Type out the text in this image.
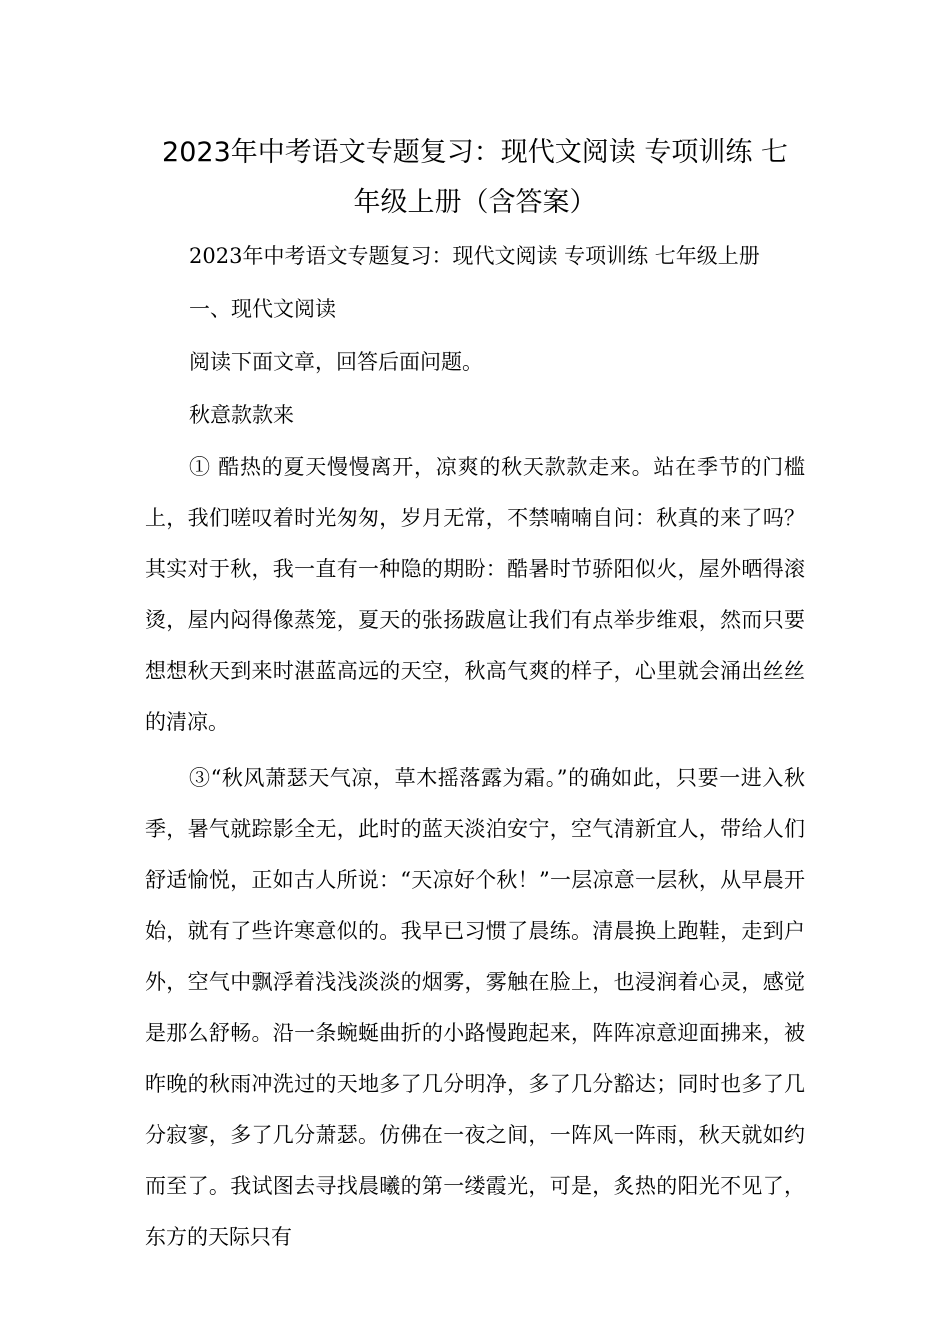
2023年中考语文专题复习：现代文阅读 专项训练 七
年级上册（含答案）

2023年中考语文专题复习：现代文阅读 专项训练 七年级上册

一、现代文阅读

阅读下面文章，回答后面问题。

秋意款款来

① 酷热的夏天慢慢离开，凉爽的秋天款款走来。站在季节的门槛上，我们嗟叹着时光匆匆，岁月无常，不禁喃喃自问：秋真的来了吗？其实对于秋，我一直有一种隐的期盼：酷暑时节骄阳似火，屋外晒得滚烫，屋内闷得像蒸笼，夏天的张扬跋扈让我们有点举步维艰，然而只要想想秋天到来时湛蓝高远的天空，秋高气爽的样子，心里就会涌出丝丝的清凉。

③“秋风萧瑟天气凉，草木摇落露为霜。”的确如此，只要一进入秋季，暑气就踪影全无，此时的蓝天淡泊安宁，空气清新宜人，带给人们舒适愉悦，正如古人所说：“天凉好个秋！”一层凉意一层秋，从早晨开始，就有了些许寒意似的。我早已习惯了晨练。清晨换上跑鞋，走到户外，空气中飘浮着浅浅淡淡的烟雾，雾触在脸上，也浸润着心灵，感觉是那么舒畅。沿一条蜿蜒曲折的小路慢跑起来，阵阵凉意迎面拂来，被昨晚的秋雨冲洗过的天地多了几分明净，多了几分豁达；同时也多了几分寂寥，多了几分萧瑟。仿佛在一夜之间，一阵风一阵雨，秋天就如约而至了。我试图去寻找晨曦的第一缕霞光，可是，炙热的阳光不见了，东方的天际只有
